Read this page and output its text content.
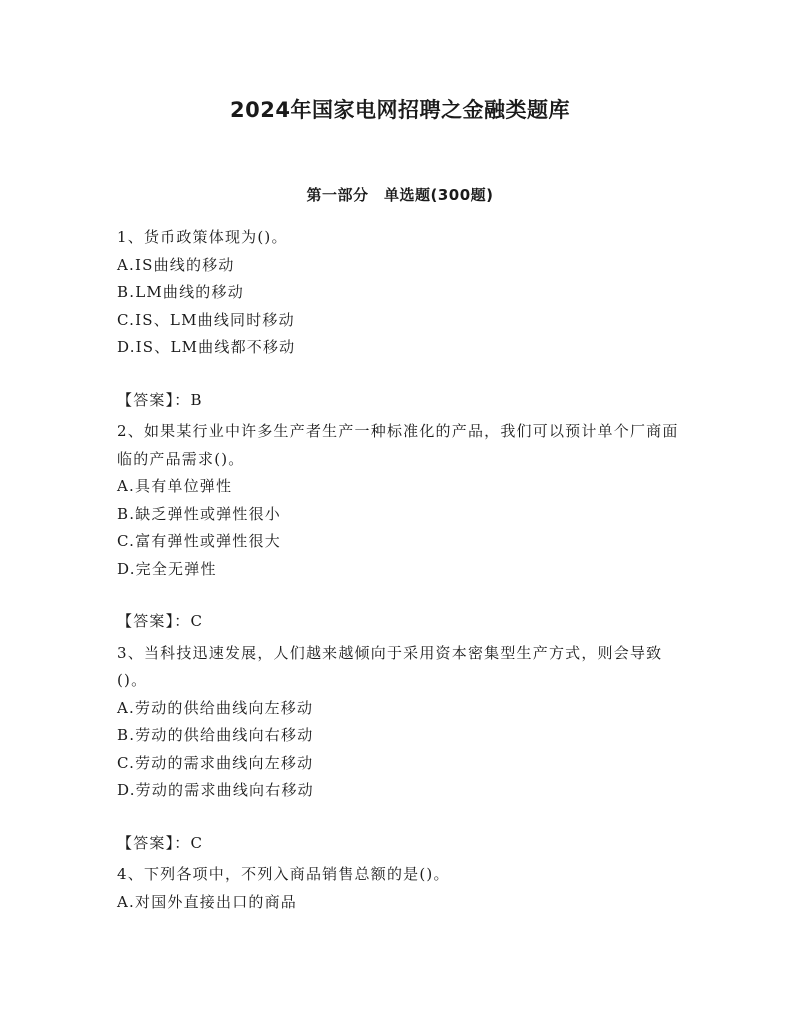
2024年国家电网招聘之金融类题库
第一部分　单选题(300题)

1、货币政策体现为()。

A.IS曲线的移动

B.LM曲线的移动

C.IS、LM曲线同时移动

D.IS、LM曲线都不移动

【答案】：B

2、如果某行业中许多生产者生产一种标准化的产品，我们可以预计单个厂商面临的产品需求()。

A.具有单位弹性

B.缺乏弹性或弹性很小

C.富有弹性或弹性很大

D.完全无弹性

【答案】：C

3、当科技迅速发展，人们越来越倾向于采用资本密集型生产方式，则会导致()。

A.劳动的供给曲线向左移动

B.劳动的供给曲线向右移动

C.劳动的需求曲线向左移动

D.劳动的需求曲线向右移动

【答案】：C

4、下列各项中，不列入商品销售总额的是()。

A.对国外直接出口的商品
